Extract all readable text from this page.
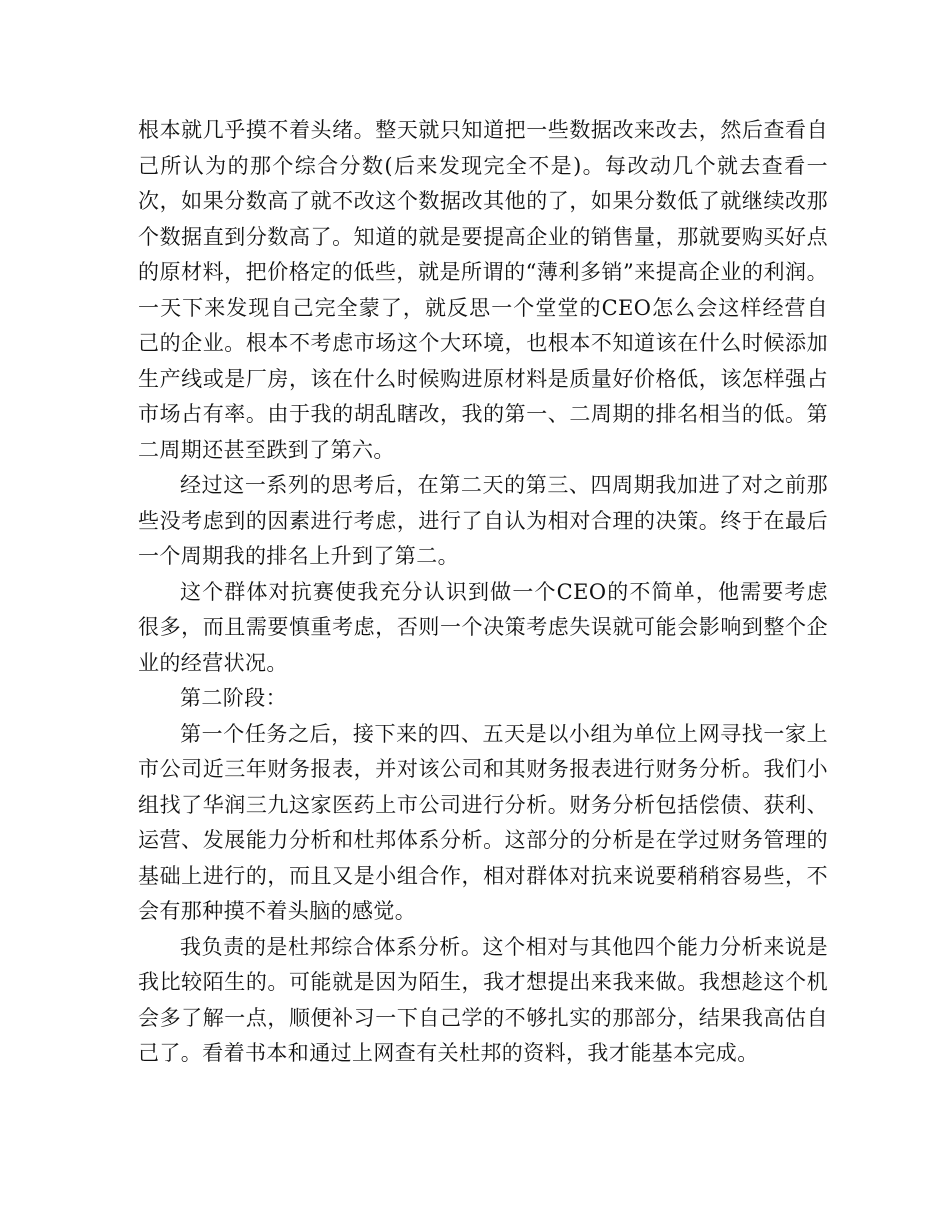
根本就几乎摸不着头绪。整天就只知道把一些数据改来改去，然后查看自己所认为的那个综合分数(后来发现完全不是)。每改动几个就去查看一次，如果分数高了就不改这个数据改其他的了，如果分数低了就继续改那个数据直到分数高了。知道的就是要提高企业的销售量，那就要购买好点的原材料，把价格定的低些，就是所谓的“薄利多销”来提高企业的利润。一天下来发现自己完全蒙了，就反思一个堂堂的CEO怎么会这样经营自己的企业。根本不考虑市场这个大环境，也根本不知道该在什么时候添加生产线或是厂房，该在什么时候购进原材料是质量好价格低，该怎样强占市场占有率。由于我的胡乱瞎改，我的第一、二周期的排名相当的低。第二周期还甚至跌到了第六。

经过这一系列的思考后，在第二天的第三、四周期我加进了对之前那些没考虑到的因素进行考虑，进行了自认为相对合理的决策。终于在最后一个周期我的排名上升到了第二。

这个群体对抗赛使我充分认识到做一个CEO的不简单，他需要考虑很多，而且需要慎重考虑，否则一个决策考虑失误就可能会影响到整个企业的经营状况。

第二阶段：

第一个任务之后，接下来的四、五天是以小组为单位上网寻找一家上市公司近三年财务报表，并对该公司和其财务报表进行财务分析。我们小组找了华润三九这家医药上市公司进行分析。财务分析包括偿债、获利、运营、发展能力分析和杜邦体系分析。这部分的分析是在学过财务管理的基础上进行的，而且又是小组合作，相对群体对抗来说要稍稍容易些，不会有那种摸不着头脑的感觉。

我负责的是杜邦综合体系分析。这个相对与其他四个能力分析来说是我比较陌生的。可能就是因为陌生，我才想提出来我来做。我想趁这个机会多了解一点，顺便补习一下自己学的不够扎实的那部分，结果我高估自己了。看着书本和通过上网查有关杜邦的资料，我才能基本完成。
